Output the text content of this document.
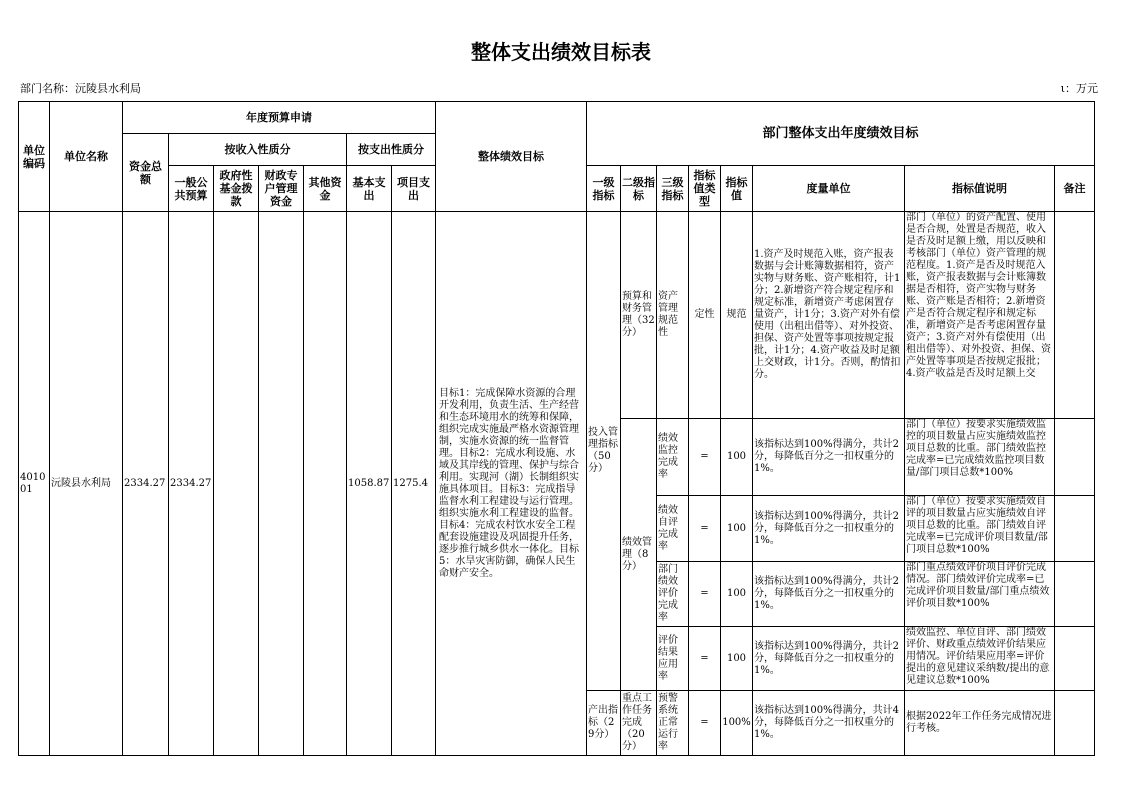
整体支出绩效目标表
部门名称：沅陵县水利局	ι：万元
单位编码	单位名称	年度预算申请							整体绩效目标	部门整体支出年度绩效目标							
		资金总额	按收入性质分				按支出性质分										
			一般公共预算	政府性基金拨款	财政专户管理资金	其他资金	基本支出	项目支出		一级指标	二级指标	三级指标	指标值类型	指标值	度量单位	指标值说明	备注
401001	沅陵县水利局	2334.27	2334.27				1058.87	1275.4	目标1：完成保障水资源的合理开发利用，负责生活、生产经营和生态环境用水的统筹和保障，组织完成实施最严格水资源管理制，实施水资源的统一监督管理。目标2：完成水利设施、水域及其岸线的管理、保护与综合利用。实现河（湖）长制组织实施具体项目。目标3：完成指导监督水利工程建设与运行管理。组织实施水利工程建设的监督。目标4：完成农村饮水安全工程配套设施建设及巩固提升任务，逐步推行城乡供水一体化。目标5：水旱灾害防御，确保人民生命财产安全。	投入管理指标（50分）	预算和财务管理（32分）	资产管理规范性	定性	规范	1.资产及时规范入账，资产报表数据与会计账簿数据相符，资产实物与财务账、资产账相符，计1分；2.新增资产符合规定程序和规定标准，新增资产考虑闲置存量资产，计1分；3.资产对外有偿使用（出租出借等）、对外投资、担保、资产处置等事项按规定报批，计1分；4.资产收益及时足额上交财政，计1分。否则，酌情扣分。	部门（单位）的资产配置、使用是否合规，处置是否规范，收入是否及时足额上缴，用以反映和考核部门（单位）资产管理的规范程度。1.资产是否及时规范入账，资产报表数据与会计账簿数据是否相符，资产实物与财务账、资产账是否相符；2.新增资产是否符合规定程序和规定标准，新增资产是否考虑闲置存量资产；3.资产对外有偿使用（出租出借等）、对外投资、担保、资产处置等事项是否按规定报批；4.资产收益是否及时足额上交	

											绩效管理（8分）	绩效监控完成率	=	100	该指标达到100%得满分，共计2分，每降低百分之一扣权重分的1%。	部门（单位）按要求实施绩效监控的项目数量占应实施绩效监控项目总数的比重。部门绩效监控完成率=已完成绩效监控项目数量/部门项目总数*100%	

												绩效自评完成率	=	100	该指标达到100%得满分，共计2分，每降低百分之一扣权重分的1%。	部门（单位）按要求实施绩效自评的项目数量占应实施绩效自评项目总数的比重。部门绩效自评完成率=已完成评价项目数量/部门项目总数*100%	

												部门绩效评价完成率	=	100	该指标达到100%得满分，共计2分，每降低百分之一扣权重分的1%。	部门重点绩效评价项目评价完成情况。部门绩效评价完成率=已完成评价项目数量/部门重点绩效评价项目数*100%	

												评价结果应用率	=	100	该指标达到100%得满分，共计2分，每降低百分之一扣权重分的1%。	绩效监控、单位自评、部门绩效评价、财政重点绩效评价结果应用情况。评价结果应用率=评价提出的意见建议采纳数/提出的意见建议总数*100%	

										产出指标（29分）	重点工作任务完成（20分）	预警系统正常运行率	=	100%	该指标达到100%得满分，共计4分，每降低百分之一扣权重分的1%。	根据2022年工作任务完成情况进行考核。	
